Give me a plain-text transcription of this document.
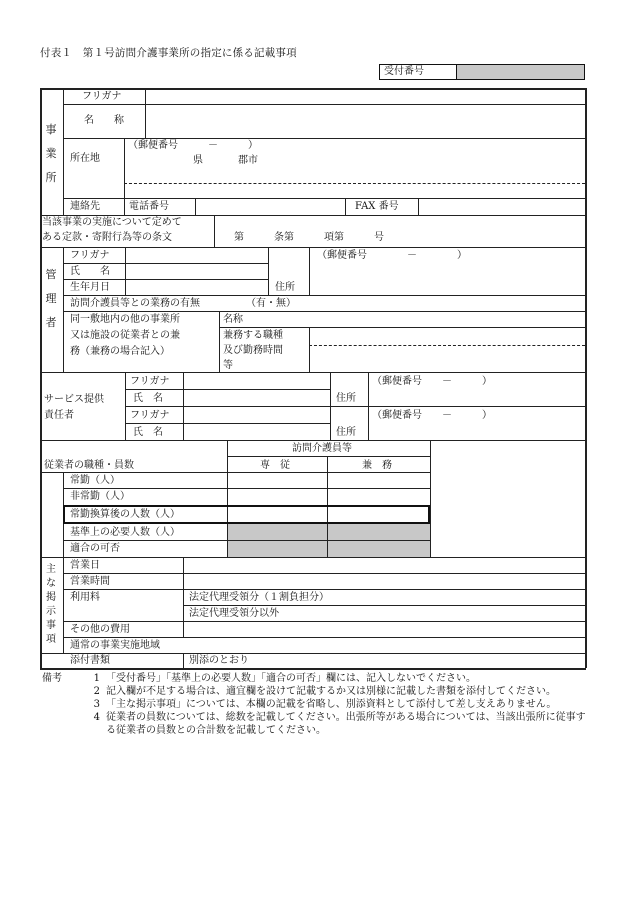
付表１　第１号訪問介護事業所の指定に係る記載事項
受付番号
事業所
フリガナ
名　　称
所在地
（郵便番号　　　－　　　）
県	郡市
連絡先	電話番号	FAX 番号
当該事業の実施について定めて
ある定款・寄附行為等の条文	第　　　条第　　　項第　　　号
管理者
フリガナ
氏　　名
生年月日	住所
（郵便番号　　　　－　　　　）
訪問介護員等との業務の有無	（有・無）
同一敷地内の他の事業所
又は施設の従業者との兼
務（兼務の場合記入）
名称
兼務する職種
及び勤務時間
等
サービス提供
責任者
フリガナ
氏　名	住所
（郵便番号　　－　　　）
フリガナ
氏　名	住所
（郵便番号　　－　　　）
従業者の職種・員数
訪問介護員等
専　従	兼　務
常勤（人）
非常勤（人）
常勤換算後の人数（人）
基準上の必要人数（人）
適合の可否
主な掲示事項
営業日
営業時間
利用料	法定代理受領分（１割負担分）
法定代理受領分以外
その他の費用
通常の事業実施地域
添付書類	別添のとおり
備考	1 「受付番号」「基準上の必要人数」「適合の可否」欄には、記入しないでください。
2 記入欄が不足する場合は、適宜欄を設けて記載するか又は別様に記載した書類を添付してください。
3 「主な掲示事項」については、本欄の記載を省略し、別添資料として添付して差し支えありません。
4 従業者の員数については、総数を記載してください。出張所等がある場合については、当該出張所に従事する従業者の員数との合計数を記載してください。
